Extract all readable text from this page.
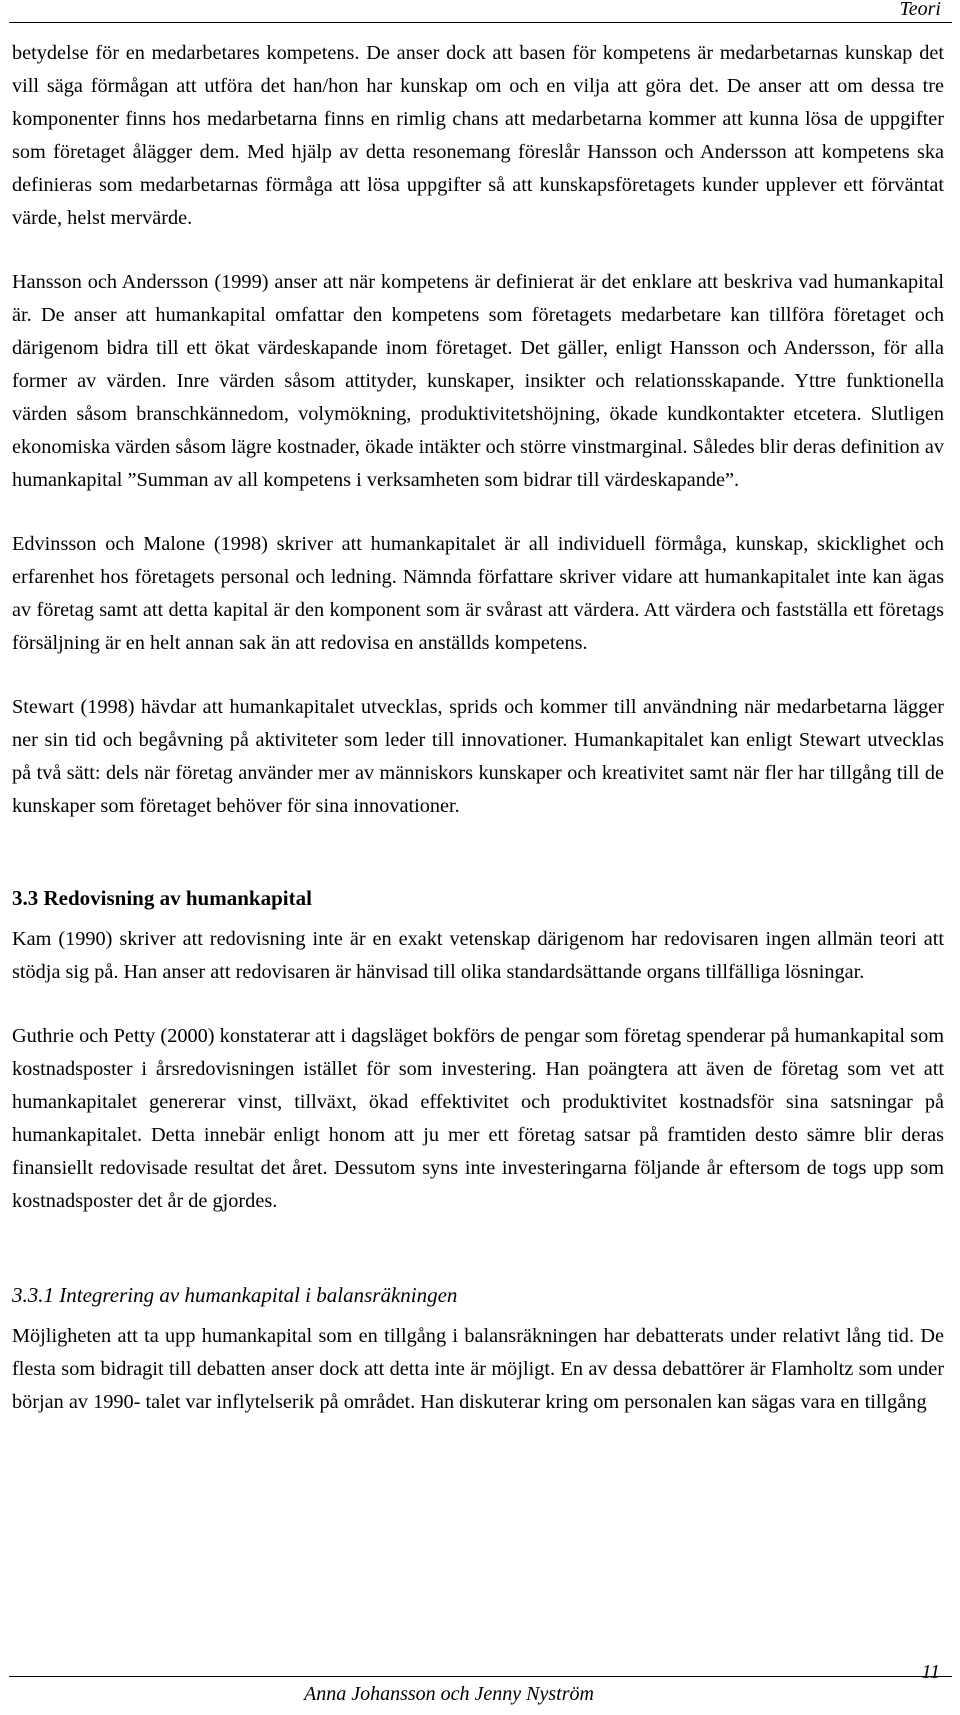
Teori

betydelse för en medarbetares kompetens. De anser dock att basen för kompetens är medarbetarnas kunskap det vill säga förmågan att utföra det han/hon har kunskap om och en vilja att göra det. De anser att om dessa tre komponenter finns hos medarbetarna finns en rimlig chans att medarbetarna kommer att kunna lösa de uppgifter som företaget ålägger dem. Med hjälp av detta resonemang föreslår Hansson och Andersson att kompetens ska definieras som medarbetarnas förmåga att lösa uppgifter så att kunskapsföretagets kunder upplever ett förväntat värde, helst mervärde.

Hansson och Andersson (1999) anser att när kompetens är definierat är det enklare att beskriva vad humankapital är. De anser att humankapital omfattar den kompetens som företagets medarbetare kan tillföra företaget och därigenom bidra till ett ökat värdeskapande inom företaget. Det gäller, enligt Hansson och Andersson, för alla former av värden. Inre värden såsom attityder, kunskaper, insikter och relationsskapande. Yttre funktionella värden såsom branschkännedom, volymökning, produktivitetshöjning, ökade kundkontakter etcetera. Slutligen ekonomiska värden såsom lägre kostnader, ökade intäkter och större vinstmarginal. Således blir deras definition av humankapital ”Summan av all kompetens i verksamheten som bidrar till värdeskapande”.

Edvinsson och Malone (1998) skriver att humankapitalet är all individuell förmåga, kunskap, skicklighet och erfarenhet hos företagets personal och ledning. Nämnda författare skriver vidare att humankapitalet inte kan ägas av företag samt att detta kapital är den komponent som är svårast att värdera. Att värdera och fastställa ett företags försäljning är en helt annan sak än att redovisa en anställds kompetens.

Stewart (1998) hävdar att humankapitalet utvecklas, sprids och kommer till användning när medarbetarna lägger ner sin tid och begåvning på aktiviteter som leder till innovationer. Humankapitalet kan enligt Stewart utvecklas på två sätt: dels när företag använder mer av människors kunskaper och kreativitet samt när fler har tillgång till de kunskaper som företaget behöver för sina innovationer.

3.3 Redovisning av humankapital

Kam (1990) skriver att redovisning inte är en exakt vetenskap därigenom har redovisaren ingen allmän teori att stödja sig på. Han anser att redovisaren är hänvisad till olika standardsättande organs tillfälliga lösningar.

Guthrie och Petty (2000) konstaterar att i dagsläget bokförs de pengar som företag spenderar på humankapital som kostnadsposter i årsredovisningen istället för som investering. Han poängtera att även de företag som vet att humankapitalet genererar vinst, tillväxt, ökad effektivitet och produktivitet kostnadsför sina satsningar på humankapitalet. Detta innebär enligt honom att ju mer ett företag satsar på framtiden desto sämre blir deras finansiellt redovisade resultat det året. Dessutom syns inte investeringarna följande år eftersom de togs upp som kostnadsposter det år de gjordes.

3.3.1 Integrering av humankapital i balansräkningen

Möjligheten att ta upp humankapital som en tillgång i balansräkningen har debatterats under relativt lång tid. De flesta som bidragit till debatten anser dock att detta inte är möjligt. En av dessa debattörer är Flamholtz som under början av 1990- talet var inflytelserik på området. Han diskuterar kring om personalen kan sägas vara en tillgång

Anna Johansson och Jenny Nyström
11
